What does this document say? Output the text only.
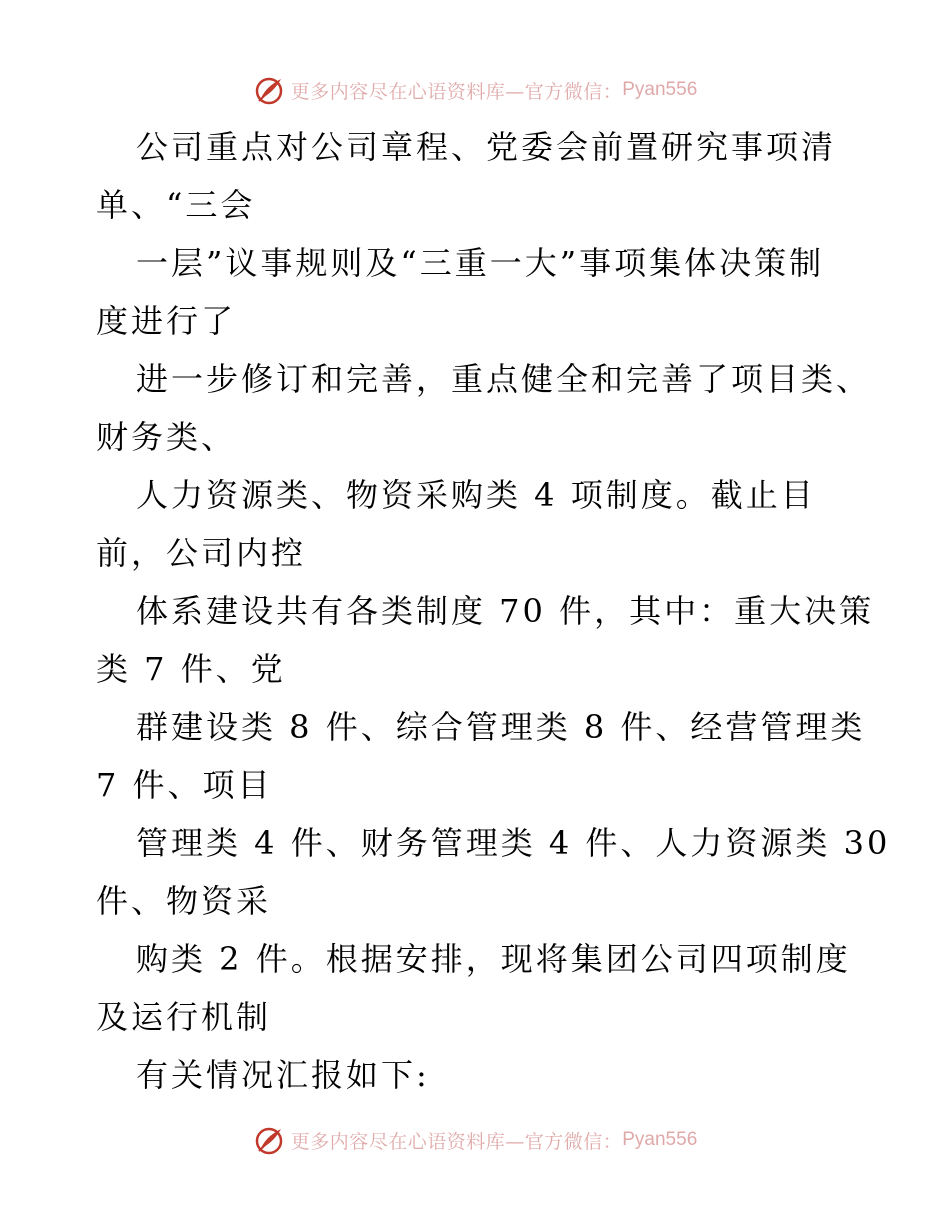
更多内容尽在心语资料库—官方微信： Pyan556
公司重点对公司章程、党委会前置研究事项清
单、“三会
一层”议事规则及“三重一大”事项集体决策制
度进行了
进一步修订和完善，重点健全和完善了项目类、
财务类、
人力资源类、物资采购类 4 项制度。截止目
前，公司内控
体系建设共有各类制度 70 件，其中：重大决策
类 7 件、党
群建设类 8 件、综合管理类 8 件、经营管理类
7 件、项目
管理类 4 件、财务管理类 4 件、人力资源类 30
件、物资采
购类 2 件。根据安排，现将集团公司四项制度
及运行机制
有关情况汇报如下:
更多内容尽在心语资料库—官方微信： Pyan556
